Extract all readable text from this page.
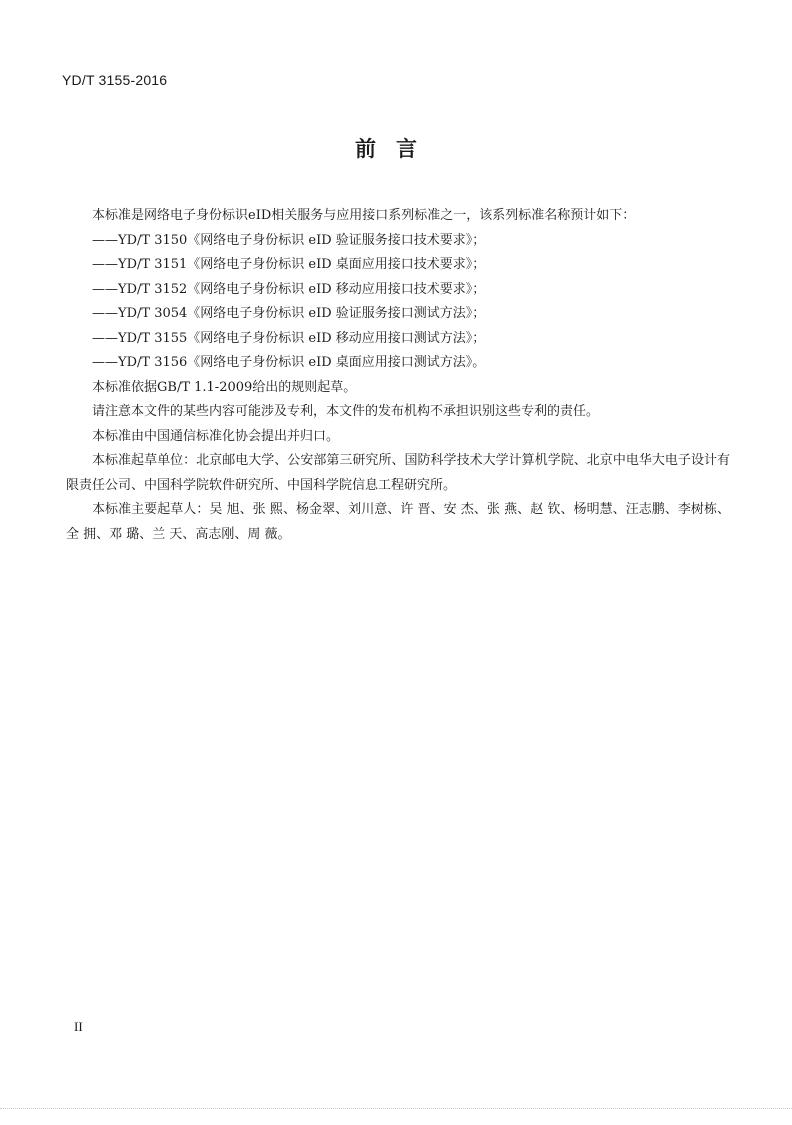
YD/T 3155-2016
前言

本标准是网络电子身份标识eID相关服务与应用接口系列标准之一，该系列标准名称预计如下：

——YD/T 3150《网络电子身份标识 eID 验证服务接口技术要求》；

——YD/T 3151《网络电子身份标识 eID 桌面应用接口技术要求》；

——YD/T 3152《网络电子身份标识 eID 移动应用接口技术要求》；

——YD/T 3054《网络电子身份标识 eID 验证服务接口测试方法》；

——YD/T 3155《网络电子身份标识 eID 移动应用接口测试方法》；

——YD/T 3156《网络电子身份标识 eID 桌面应用接口测试方法》。

本标准依据GB/T 1.1-2009给出的规则起草。

请注意本文件的某些内容可能涉及专利，本文件的发布机构不承担识别这些专利的责任。

本标准由中国通信标准化协会提出并归口。

本标准起草单位：北京邮电大学、公安部第三研究所、国防科学技术大学计算机学院、北京中电华大电子设计有限责任公司、中国科学院软件研究所、中国科学院信息工程研究所。

本标准主要起草人：吴 旭、张 熙、杨金翠、刘川意、许 晋、安 杰、张 燕、赵 钦、杨明慧、汪志鹏、李树栋、全 拥、邓 璐、兰 天、高志刚、周 薇。

II
